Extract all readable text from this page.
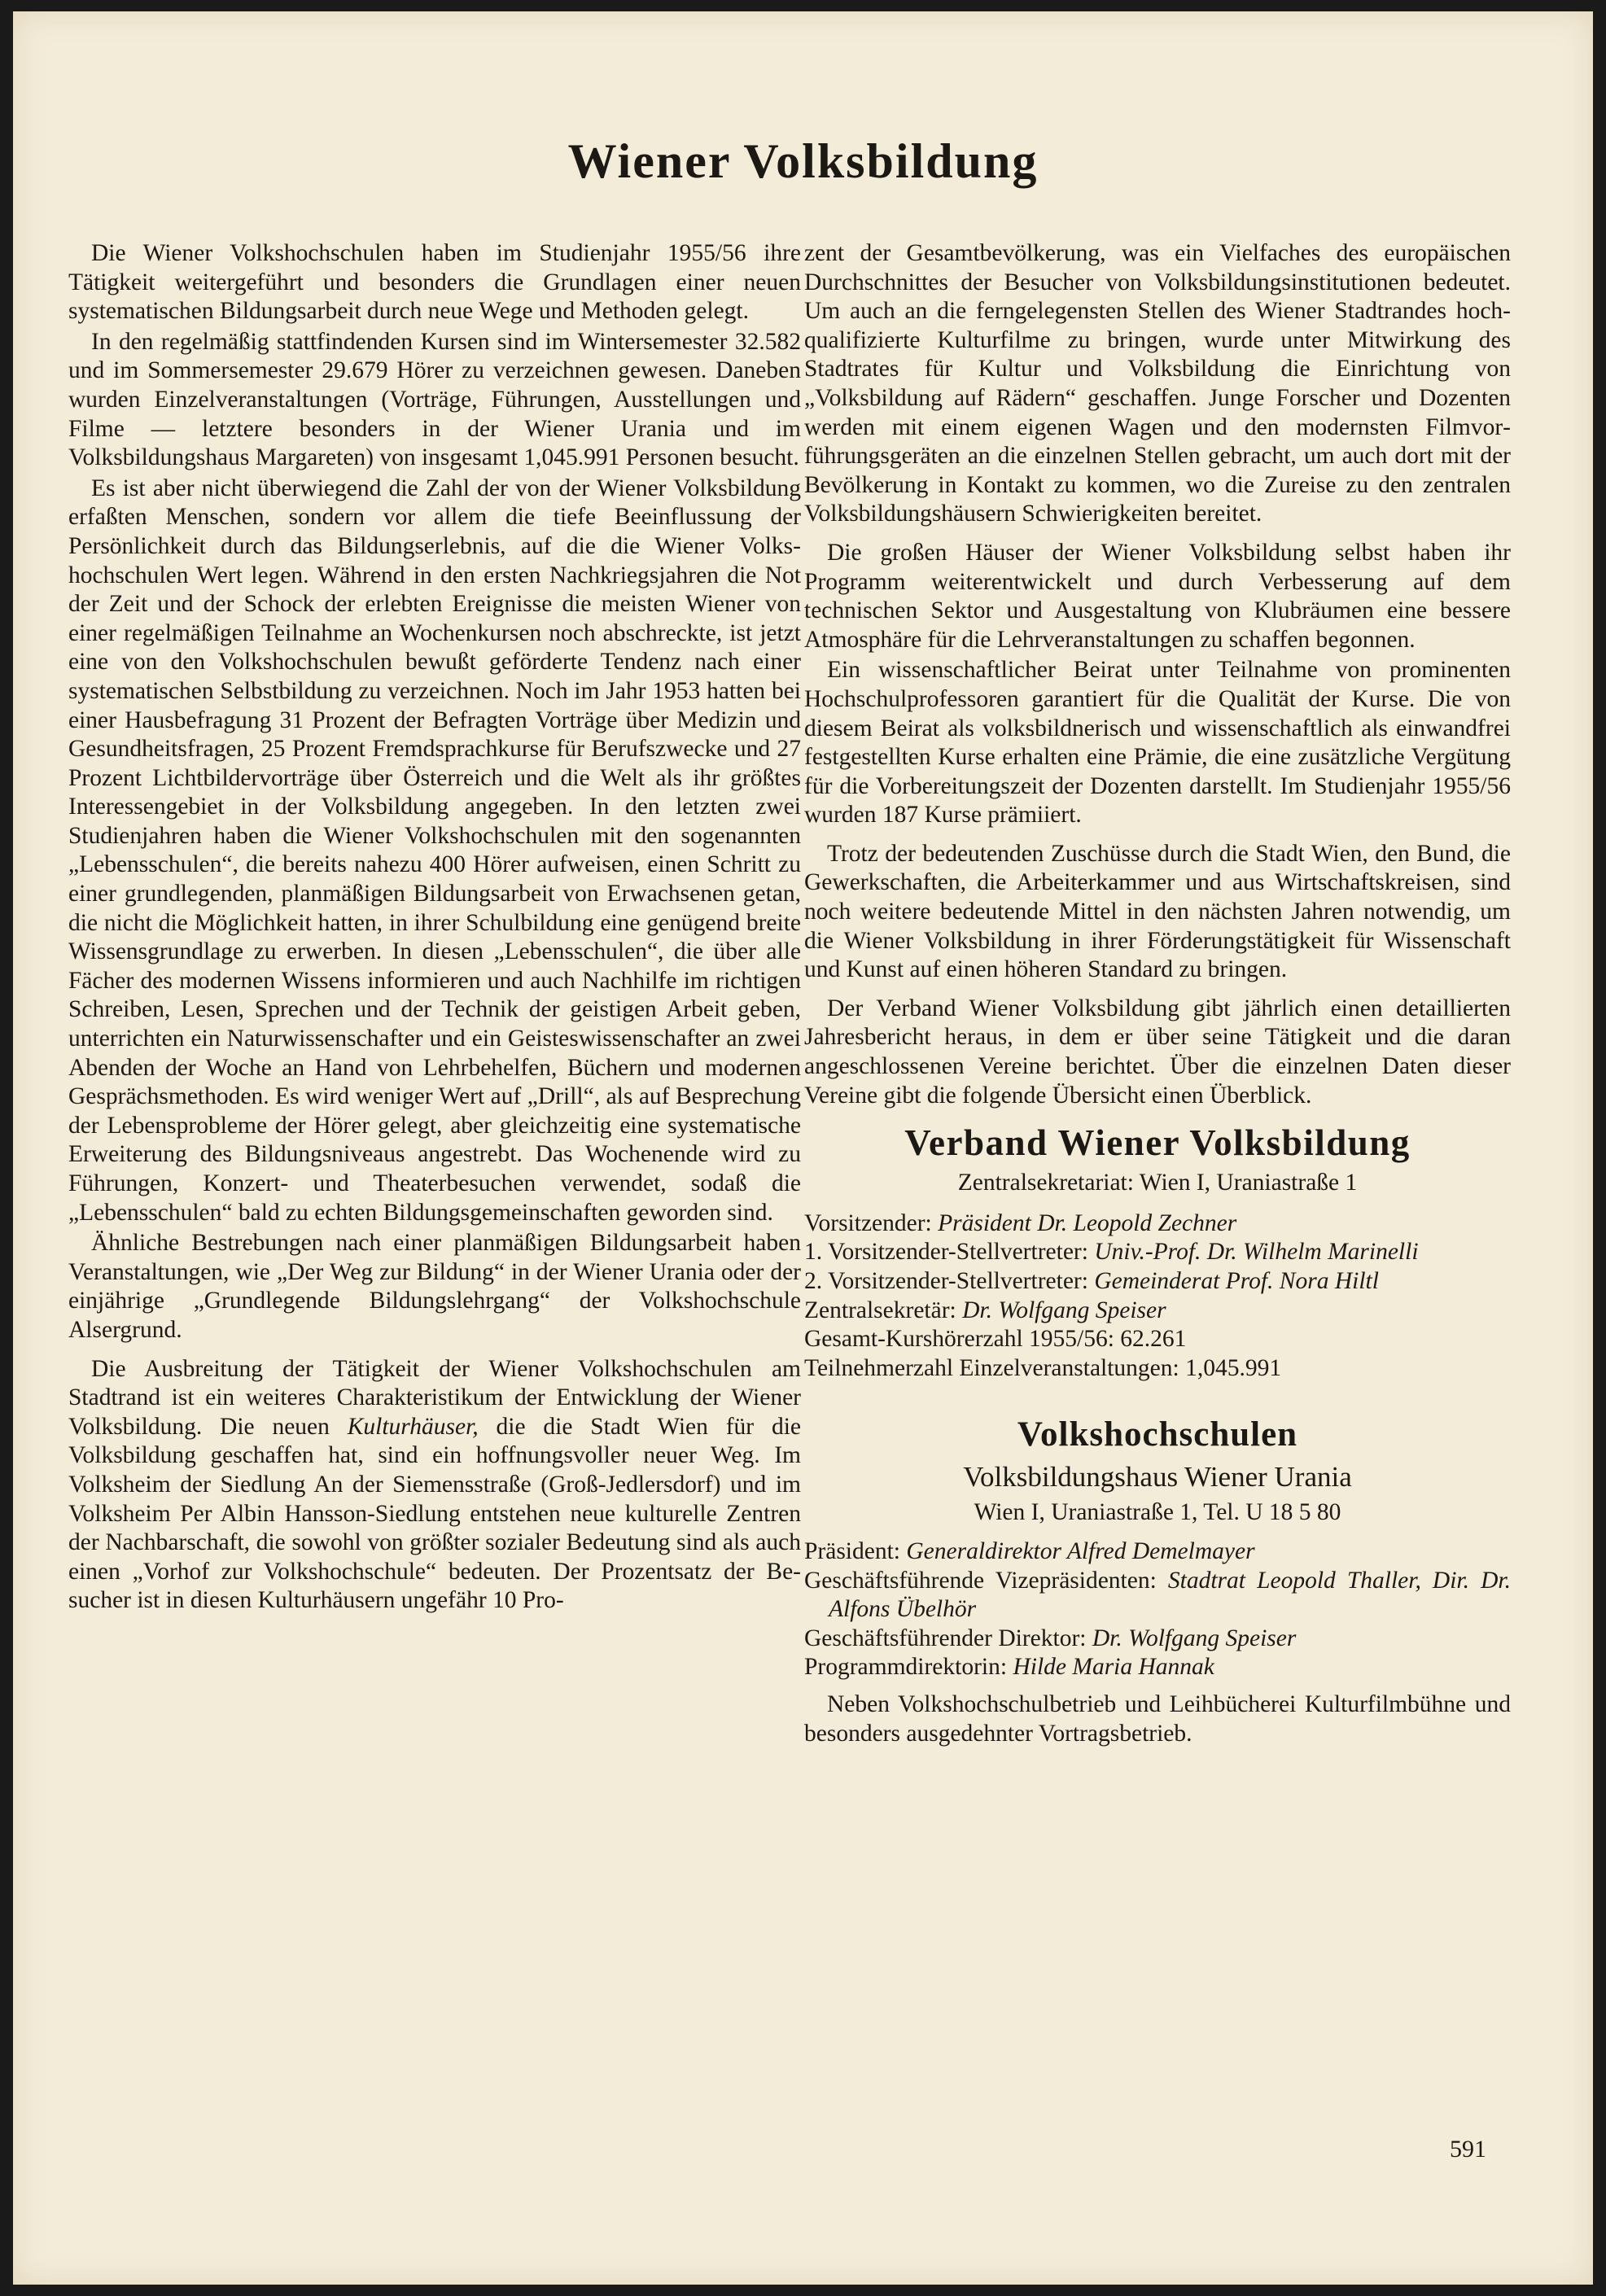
Wiener Volksbildung

Die Wiener Volkshochschulen haben im Studienjahr 1955/56 ihre Tätigkeit weitergeführt und besonders die Grundlagen einer neuen systematischen Bildungsarbeit durch neue Wege und Methoden gelegt.

In den regelmäßig stattfindenden Kursen sind im Wintersemester 32.582 und im Sommersemester 29.679 Hörer zu verzeichnen gewesen. Daneben wurden Einzelveranstaltungen (Vorträge, Führungen, Ausstellungen und Filme — letztere besonders in der Wiener Urania und im Volksbildungshaus Margareten) von insgesamt 1,045.991 Personen besucht.

Es ist aber nicht überwiegend die Zahl der von der Wiener Volksbildung erfaßten Menschen, sondern vor allem die tiefe Beeinflussung der Persönlichkeit durch das Bildungserlebnis, auf die die Wiener Volkshochschulen Wert legen. Während in den ersten Nachkriegsjahren die Not der Zeit und der Schock der erlebten Ereignisse die meisten Wiener von einer regelmäßigen Teilnahme an Wochenkursen noch abschreckte, ist jetzt eine von den Volkshochschulen bewußt geförderte Tendenz nach einer systematischen Selbstbildung zu verzeichnen. Noch im Jahr 1953 hatten bei einer Hausbefragung 31 Prozent der Befragten Vorträge über Medizin und Gesundheitsfragen, 25 Prozent Fremdsprachkurse für Berufszwecke und 27 Prozent Lichtbildervorträge über Österreich und die Welt als ihr größtes Interessengebiet in der Volksbildung angegeben. In den letzten zwei Studienjahren haben die Wiener Volkshochschulen mit den sogenannten „Lebensschulen“, die bereits nahezu 400 Hörer aufweisen, einen Schritt zu einer grundlegenden, planmäßigen Bildungsarbeit von Erwachsenen getan, die nicht die Möglichkeit hatten, in ihrer Schulbildung eine genügend breite Wissensgrundlage zu erwerben. In diesen „Lebensschulen“, die über alle Fächer des modernen Wissens informieren und auch Nachhilfe im richtigen Schreiben, Lesen, Sprechen und der Technik der geistigen Arbeit geben, unterrichten ein Naturwissenschafter und ein Geisteswissenschafter an zwei Abenden der Woche an Hand von Lehrbehelfen, Büchern und modernen Gesprächsmethoden. Es wird weniger Wert auf „Drill“, als auf Besprechung der Lebensprobleme der Hörer gelegt, aber gleichzeitig eine systematische Erweiterung des Bildungsniveaus angestrebt. Das Wochenende wird zu Führungen, Konzert- und Theaterbesuchen verwendet, sodaß die „Lebensschulen“ bald zu echten Bildungsgemeinschaften geworden sind.

Ähnliche Bestrebungen nach einer planmäßigen Bildungsarbeit haben Veranstaltungen, wie „Der Weg zur Bildung“ in der Wiener Urania oder der einjährige „Grundlegende Bildungslehrgang“ der Volkshochschule Alsergrund.

Die Ausbreitung der Tätigkeit der Wiener Volkshochschulen am Stadtrand ist ein weiteres Charakteristikum der Entwicklung der Wiener Volksbildung. Die neuen Kulturhäuser, die die Stadt Wien für die Volksbildung geschaffen hat, sind ein hoffnungsvoller neuer Weg. Im Volksheim der Siedlung An der Siemensstraße (Groß-Jedlersdorf) und im Volksheim Per Albin Hansson-Siedlung entstehen neue kulturelle Zentren der Nachbarschaft, die sowohl von größter sozialer Bedeutung sind als auch einen „Vorhof zur Volkshochschule“ bedeuten. Der Prozentsatz der Besucher ist in diesen Kulturhäusern ungefähr 10 Pro-

zent der Gesamtbevölkerung, was ein Vielfaches des europäischen Durchschnittes der Besucher von Volksbildungsinstitutionen bedeutet. Um auch an die ferngelegensten Stellen des Wiener Stadtrandes hochqualifizierte Kulturfilme zu bringen, wurde unter Mitwirkung des Stadtrates für Kultur und Volksbildung die Einrichtung von „Volksbildung auf Rädern“ geschaffen. Junge Forscher und Dozenten werden mit einem eigenen Wagen und den modernsten Filmvorführungsgeräten an die einzelnen Stellen gebracht, um auch dort mit der Bevölkerung in Kontakt zu kommen, wo die Zureise zu den zentralen Volksbildungshäusern Schwierigkeiten bereitet.

Die großen Häuser der Wiener Volksbildung selbst haben ihr Programm weiterentwickelt und durch Verbesserung auf dem technischen Sektor und Ausgestaltung von Klubräumen eine bessere Atmosphäre für die Lehrveranstaltungen zu schaffen begonnen.

Ein wissenschaftlicher Beirat unter Teilnahme von prominenten Hochschulprofessoren garantiert für die Qualität der Kurse. Die von diesem Beirat als volksbildnerisch und wissenschaftlich als einwandfrei festgestellten Kurse erhalten eine Prämie, die eine zusätzliche Vergütung für die Vorbereitungszeit der Dozenten darstellt. Im Studienjahr 1955/56 wurden 187 Kurse prämiiert.

Trotz der bedeutenden Zuschüsse durch die Stadt Wien, den Bund, die Gewerkschaften, die Arbeiterkammer und aus Wirtschaftskreisen, sind noch weitere bedeutende Mittel in den nächsten Jahren notwendig, um die Wiener Volksbildung in ihrer Förderungstätigkeit für Wissenschaft und Kunst auf einen höheren Standard zu bringen.

Der Verband Wiener Volksbildung gibt jährlich einen detaillierten Jahresbericht heraus, in dem er über seine Tätigkeit und die daran angeschlossenen Vereine berichtet. Über die einzelnen Daten dieser Vereine gibt die folgende Übersicht einen Überblick.

Verband Wiener Volksbildung
Zentralsekretariat: Wien I, Uraniastraße 1
Vorsitzender: Präsident Dr. Leopold Zechner
1. Vorsitzender-Stellvertreter: Univ.-Prof. Dr. Wilhelm Marinelli
2. Vorsitzender-Stellvertreter: Gemeinderat Prof. Nora Hiltl
Zentralsekretär: Dr. Wolfgang Speiser
Gesamt-Kurshörerzahl 1955/56: 62.261
Teilnehmerzahl Einzelveranstaltungen: 1,045.991
Volkshochschulen
Volksbildungshaus Wiener Urania
Wien I, Uraniastraße 1, Tel. U 18 5 80
Präsident: Generaldirektor Alfred Demelmayer
Geschäftsführende Vizepräsidenten: Stadtrat Leopold Thaller, Dir. Dr. Alfons Übelhör
Geschäftsführender Direktor: Dr. Wolfgang Speiser
Programmdirektorin: Hilde Maria Hannak

Neben Volkshochschulbetrieb und Leihbücherei Kulturfilmbühne und besonders ausgedehnter Vortragsbetrieb.

591
